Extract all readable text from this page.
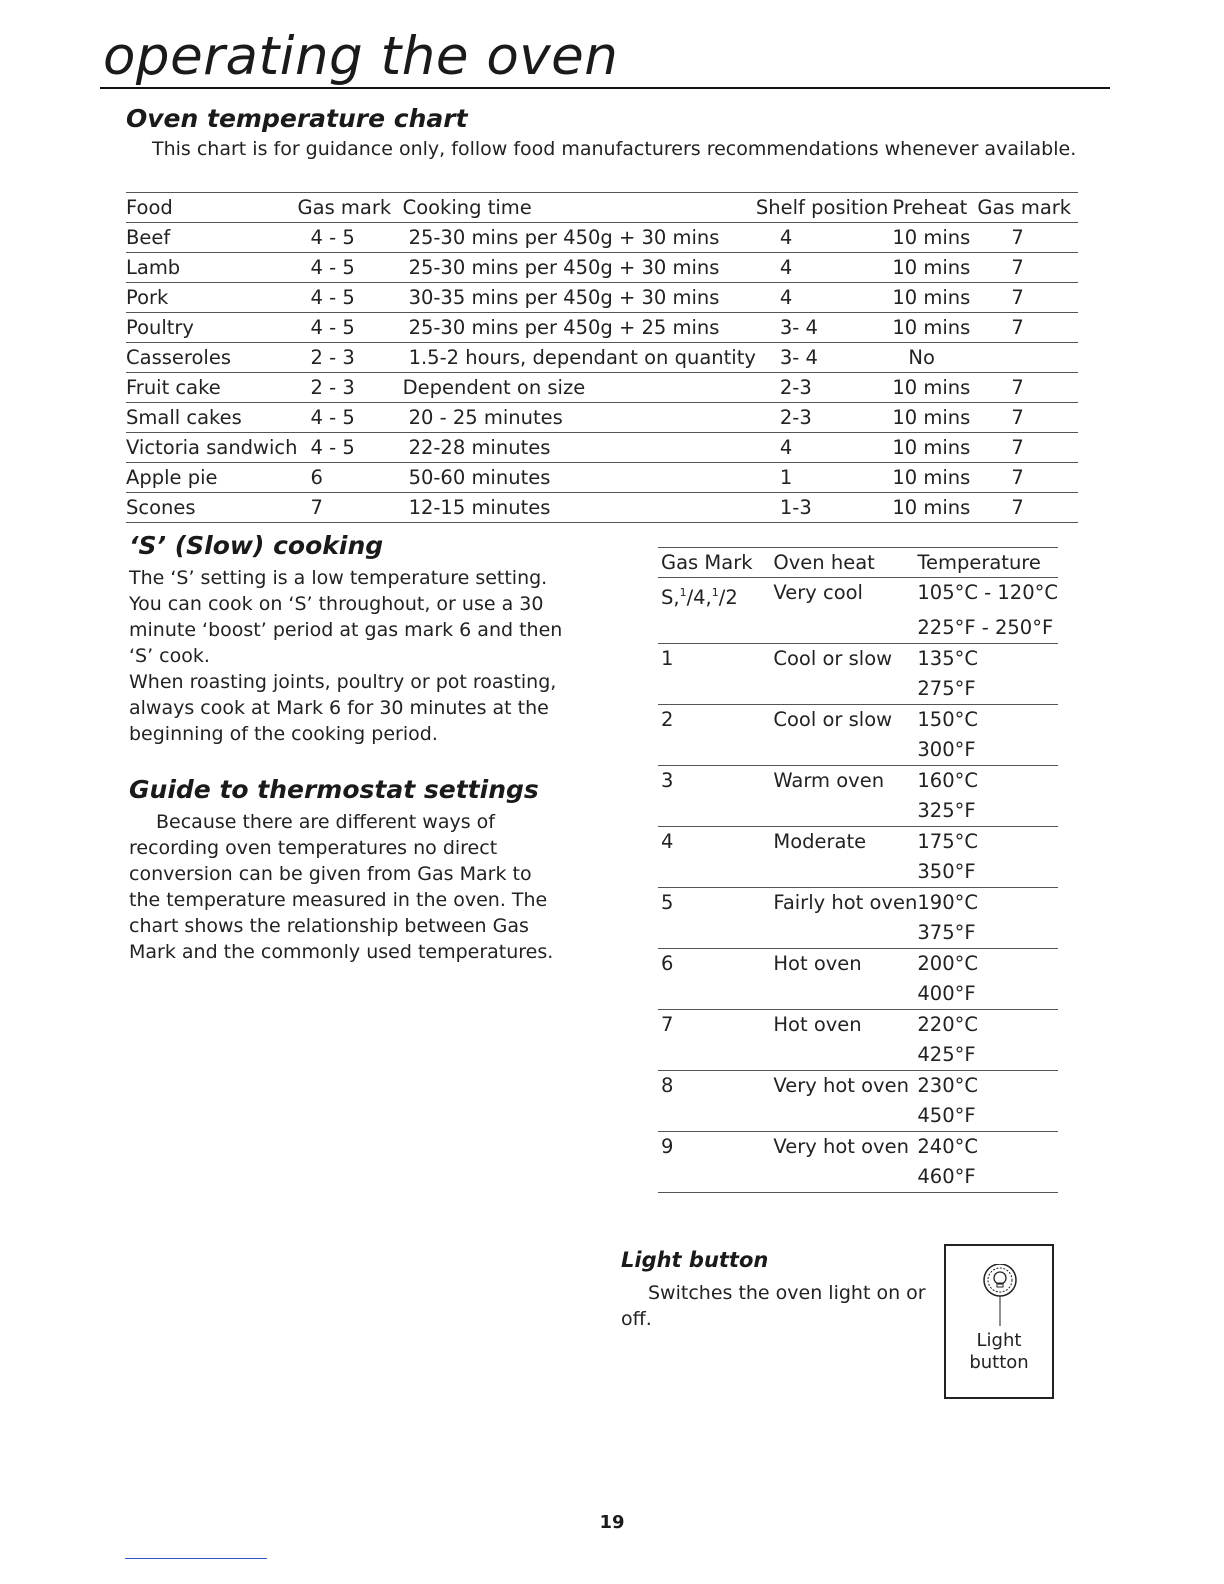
operating the oven
Oven temperature chart
This chart is for guidance only, follow food manufacturers recommendations whenever available.
Food	Gas mark	Cooking time	Shelf position	Preheat	Gas mark
Beef	4 - 5	25-30 mins per 450g + 30 mins	4	10 mins	7
Lamb	4 - 5	25-30 mins per 450g + 30 mins	4	10 mins	7
Pork	4 - 5	30-35 mins per 450g + 30 mins	4	10 mins	7
Poultry	4 - 5	25-30 mins per 450g + 25 mins	3- 4	10 mins	7
Casseroles	2 - 3	1.5-2 hours, dependant on quantity	3- 4	No	
Fruit cake	2 - 3	Dependent on size	2-3	10 mins	7
Small cakes	4 - 5	20 - 25 minutes	2-3	10 mins	7
Victoria sandwich	4 - 5	22-28 minutes	4	10 mins	7
Apple pie	6	50-60 minutes	1	10 mins	7
Scones	7	12-15 minutes	1-3	10 mins	7
‘S’ (Slow) cooking
The ‘S’ setting is a low temperature setting.
You can cook on ‘S’ throughout, or use a 30
minute ‘boost’ period at gas mark 6 and then
‘S’ cook.
When roasting joints, poultry or pot roasting,
always cook at Mark 6 for 30 minutes at the
beginning of the cooking period.
Guide to thermostat settings
Because there are different ways of
recording oven temperatures no direct
conversion can be given from Gas Mark to
the temperature measured in the oven. The
chart shows the relationship between Gas
Mark and the commonly used temperatures.
Gas Mark	Oven heat	Temperature
S,$^1$/4,$^1$/2	Very cool	105°C - 120°C
		225°F - 250°F
1	Cool or slow	135°C
		275°F
2	Cool or slow	150°C
		300°F
3	Warm oven	160°C
		325°F
4	Moderate	175°C
		350°F
5	Fairly hot oven	190°C
		375°F
6	Hot oven	200°C
		400°F
7	Hot oven	220°C
		425°F
8	Very hot oven	230°C
		450°F
9	Very hot oven	240°C
		460°F
Light button
Switches the oven light on or
off.
Light
button
19
